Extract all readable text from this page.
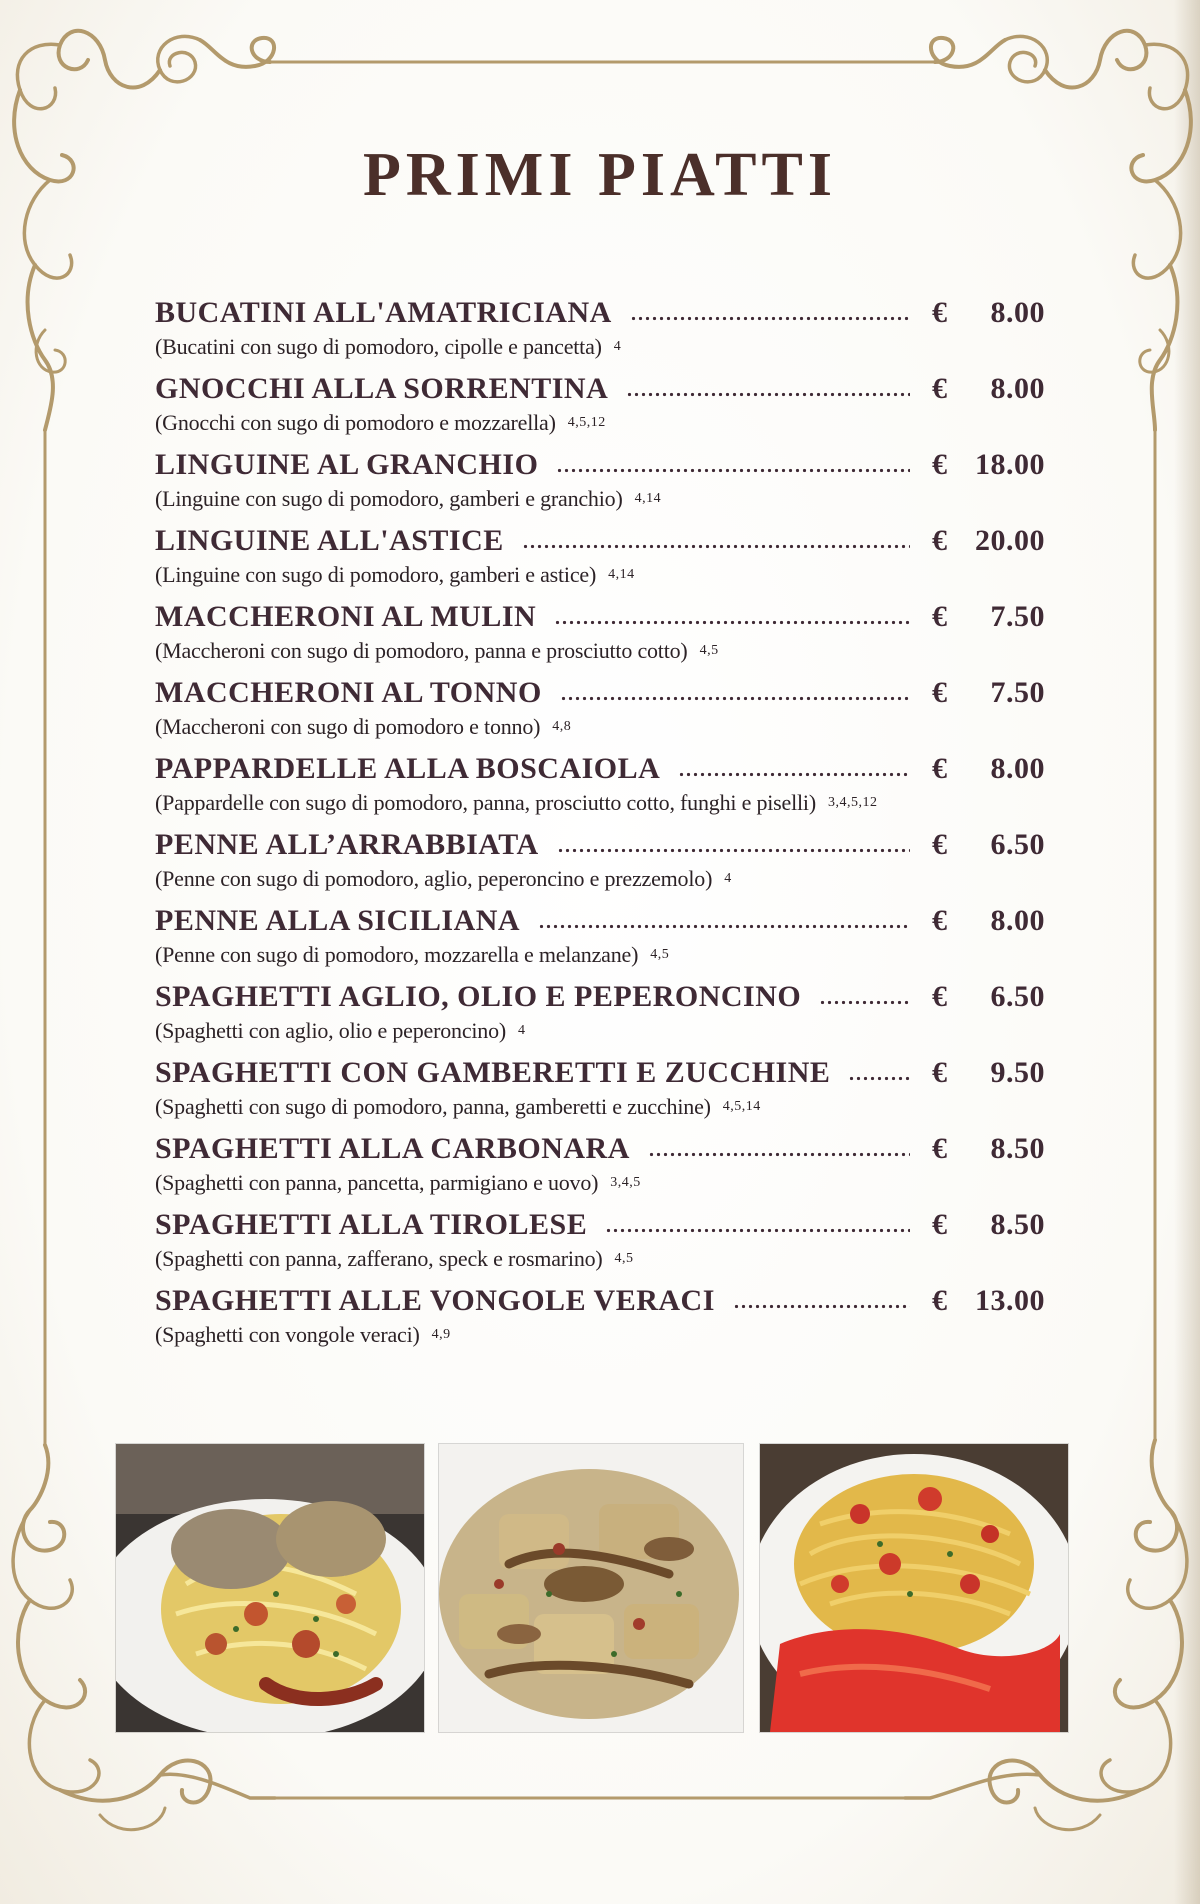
PRIMI PIATTI
BUCATINI ALL'AMATRICIANA	€ 8.00
(Bucatini con sugo di pomodoro, cipolle e pancetta) 4
GNOCCHI ALLA SORRENTINA	€ 8.00
(Gnocchi con sugo di pomodoro e mozzarella) 4,5,12
LINGUINE AL GRANCHIO	€ 18.00
(Linguine con sugo di pomodoro, gamberi e granchio) 4,14
LINGUINE ALL'ASTICE	€ 20.00
(Linguine con sugo di pomodoro, gamberi e astice) 4,14
MACCHERONI AL MULIN	€ 7.50
(Maccheroni con sugo di pomodoro, panna e prosciutto cotto) 4,5
MACCHERONI AL TONNO	€ 7.50
(Maccheroni con sugo di pomodoro e tonno) 4,8
PAPPARDELLE ALLA BOSCAIOLA	€ 8.00
(Pappardelle con sugo di pomodoro, panna, prosciutto cotto, funghi e piselli) 3,4,5,12
PENNE ALL’ARRABBIATA	€ 6.50
(Penne con sugo di pomodoro, aglio, peperoncino e prezzemolo) 4
PENNE ALLA SICILIANA	€ 8.00
(Penne con sugo di pomodoro, mozzarella e melanzane) 4,5
SPAGHETTI AGLIO, OLIO E PEPERONCINO	€ 6.50
(Spaghetti con aglio, olio e peperoncino) 4
SPAGHETTI CON GAMBERETTI E ZUCCHINE	€ 9.50
(Spaghetti con sugo di pomodoro, panna, gamberetti e zucchine) 4,5,14
SPAGHETTI ALLA CARBONARA	€ 8.50
(Spaghetti con panna, pancetta, parmigiano e uovo) 3,4,5
SPAGHETTI ALLA TIROLESE	€ 8.50
(Spaghetti con panna, zafferano, speck e rosmarino) 4,5
SPAGHETTI ALLE VONGOLE VERACI	€ 13.00
(Spaghetti con vongole veraci) 4,9
